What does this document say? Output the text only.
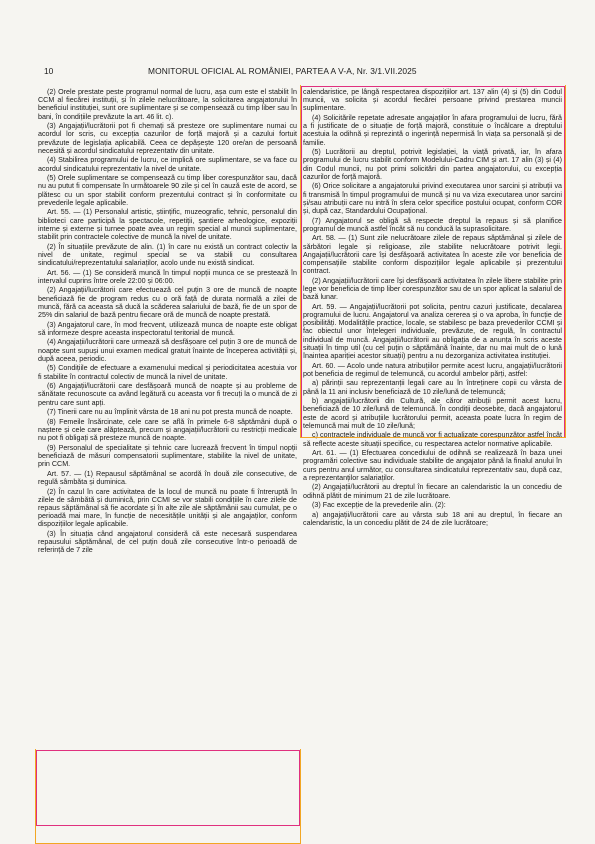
10	MONITORUL OFICIAL AL ROMÂNIEI, PARTEA A V-A, Nr. 3/1.VII.2025

(2) Orele prestate peste programul normal de lucru, așa cum este el stabilit în CCM al fiecărei instituții, și în zilele nelucrătoare, la solicitarea angajatorului în beneficiul instituției, sunt ore suplimentare și se compensează cu timp liber sau în bani, în condițiile prevăzute la art. 46 lit. c).

(3) Angajații/lucrătorii pot fi chemați să presteze ore suplimentare numai cu acordul lor scris, cu excepția cazurilor de forță majoră și a cazului fortuit prevăzute de legislația aplicabilă. Ceea ce depășește 120 ore/an de persoană necesită și acordul sindicatului reprezentativ din unitate.

(4) Stabilirea programului de lucru, ce implică ore suplimentare, se va face cu acordul sindicatului reprezentativ la nivel de unitate.

(5) Orele suplimentare se compensează cu timp liber corespunzător sau, dacă nu au putut fi compensate în următoarele 90 zile și cel în cauză este de acord, se plătesc cu un spor stabilit conform prezentului contract și în conformitate cu prevederile legale aplicabile.

Art. 55. — (1) Personalul artistic, științific, muzeografic, tehnic, personalul din biblioteci care participă la spectacole, repetiții, șantiere arheologice, expoziții interne și externe și turnee poate avea un regim special al muncii suplimentare, stabilit prin contractele colective de muncă la nivel de unitate.

(2) În situațiile prevăzute de alin. (1) în care nu există un contract colectiv la nivel de unitate, regimul special se va stabili cu consultarea sindicatului/reprezentatului salariaților, acolo unde nu există sindicat.

Art. 56. — (1) Se consideră muncă în timpul nopții munca ce se prestează în intervalul cuprins între orele 22:00 și 06:00.

(2) Angajații/lucrătorii care efectuează cel puțin 3 ore de muncă de noapte beneficiază fie de program redus cu o oră față de durata normală a zilei de muncă, fără ca aceasta să ducă la scăderea salariului de bază, fie de un spor de 25% din salariul de bază pentru fiecare oră de muncă de noapte prestată.

(3) Angajatorul care, în mod frecvent, utilizează munca de noapte este obligat să informeze despre aceasta inspectoratul teritorial de muncă.

(4) Angajații/lucrătorii care urmează să desfășoare cel puțin 3 ore de muncă de noapte sunt supuși unui examen medical gratuit înainte de începerea activității și, după aceea, periodic.

(5) Condițiile de efectuare a examenului medical și periodicitatea acestuia vor fi stabilite în contractul colectiv de muncă la nivel de unitate.

(6) Angajații/lucrătorii care desfășoară muncă de noapte și au probleme de sănătate recunoscute ca având legătură cu aceasta vor fi trecuți la o muncă de zi pentru care sunt apți.

(7) Tinerii care nu au împlinit vârsta de 18 ani nu pot presta muncă de noapte.

(8) Femeile însărcinate, cele care se află în primele 6-8 săptămâni după o naștere și cele care alăptează, precum și angajații/lucrătorii cu restricții medicale nu pot fi obligați să presteze muncă de noapte.

(9) Personalul de specialitate și tehnic care lucrează frecvent în timpul nopții beneficiază de măsuri compensatorii suplimentare, stabilite la nivel de unitate, prin CCM.

Art. 57. — (1) Repausul săptămânal se acordă în două zile consecutive, de regulă sâmbăta și duminica.

(2) În cazul în care activitatea de la locul de muncă nu poate fi întreruptă în zilele de sâmbătă și duminică, prin CCMI se vor stabili condițiile în care zilele de repaus săptămânal să fie acordate și în alte zile ale săptămânii sau cumulat, pe o perioadă mai mare, în funcție de necesitățile unității și ale angajaților, conform dispozițiilor legale aplicabile.

(3) În situația când angajatorul consideră că este necesară suspendarea repausului săptămânal, de cel puțin două zile consecutive într-o perioadă de referință de 7 zile

calendaristice, pe lângă respectarea dispozițiilor art. 137 alin (4) și (5) din Codul muncii, va solicita și acordul fiecărei persoane privind prestarea muncii suplimentare.

(4) Solicitările repetate adresate angajaților în afara programului de lucru, fără a fi justificate de o situație de forță majoră, constituie o încălcare a dreptului acestuia la odihnă și reprezintă o ingerință nepermisă în viața sa personală și de familie.

(5) Lucrătorii au dreptul, potrivit legislației, la viață privată, iar, în afara programului de lucru stabilit conform Modelului-Cadru CIM și art. 17 alin (3) și (4) din Codul muncii, nu pot primi solicitări din partea angajatorului, cu excepția cazurilor de forță majoră.

(6) Orice solicitare a angajatorului privind executarea unor sarcini și atribuții va fi transmisă în timpul programului de muncă și nu va viza executarea unor sarcini și/sau atribuții care nu intră în sfera celor specifice postului ocupat, conform COR și, după caz, Standardului Ocupațional.

(7) Angajatorul se obligă să respecte dreptul la repaus și să planifice programul de muncă astfel încât să nu conducă la suprasolicitare.

Art. 58. — (1) Sunt zile nelucrătoare zilele de repaus săptămânal și zilele de sărbători legale și religioase, zile stabilite nelucrătoare potrivit legii. Angajații/lucrătorii care își desfășoară activitatea în aceste zile vor beneficia de compensațiile stabilite conform dispozițiilor legale aplicabile și prezentului contract.

(2) Angajații/lucrătorii care își desfășoară activitatea în zilele libere stabilite prin lege vor beneficia de timp liber corespunzător sau de un spor aplicat la salariul de bază lunar.

Art. 59. — Angajații/lucrătorii pot solicita, pentru cazuri justificate, decalarea programului de lucru. Angajatorul va analiza cererea și o va aproba, în funcție de posibilități. Modalitățile practice, locale, se stabilesc pe baza prevederilor CCMI și fac obiectul unor înțelegeri individuale, prevăzute, de regulă, în contractul individual de muncă. Angajații/lucrătorii au obligația de a anunța în scris aceste situații în timp util (cu cel puțin o săptămână înainte, dar nu mai mult de o lună înaintea apariției acestor situații) pentru a nu dezorganiza activitatea instituției.

Art. 60. — Acolo unde natura atribuțiilor permite acest lucru, angajații/lucrătorii pot beneficia de regimul de telemuncă, cu acordul ambelor părți, astfel:

a) părinții sau reprezentanții legali care au în întreținere copii cu vârsta de până la 11 ani inclusiv beneficiază de 10 zile/lună de telemuncă;

b) angajații/lucrătorii din Cultură, ale căror atribuții permit acest lucru, beneficiază de 10 zile/lună de telemuncă. În condiții deosebite, dacă angajatorul este de acord și atribuțiile lucrătorului permit, aceasta poate lucra în regim de telemuncă mai mult de 10 zile/lună;

c) contractele individuale de muncă vor fi actualizate corespunzător astfel încât să reflecte aceste situații specifice, cu respectarea actelor normative aplicabile.

Art. 61. — (1) Efectuarea concediului de odihnă se realizează în baza unei programări colective sau individuale stabilite de angajator până la finalul anului în curs pentru anul următor, cu consultarea sindicatului reprezentativ sau, după caz, a reprezentanților salariaților.

(2) Angajații/lucrătorii au dreptul în fiecare an calendaristic la un concediu de odihnă plătit de minimum 21 de zile lucrătoare.

(3) Fac excepție de la prevederile alin. (2):

a) angajații/lucrătorii care au vârsta sub 18 ani au dreptul, în fiecare an calendaristic, la un concediu plătit de 24 de zile lucrătoare;
